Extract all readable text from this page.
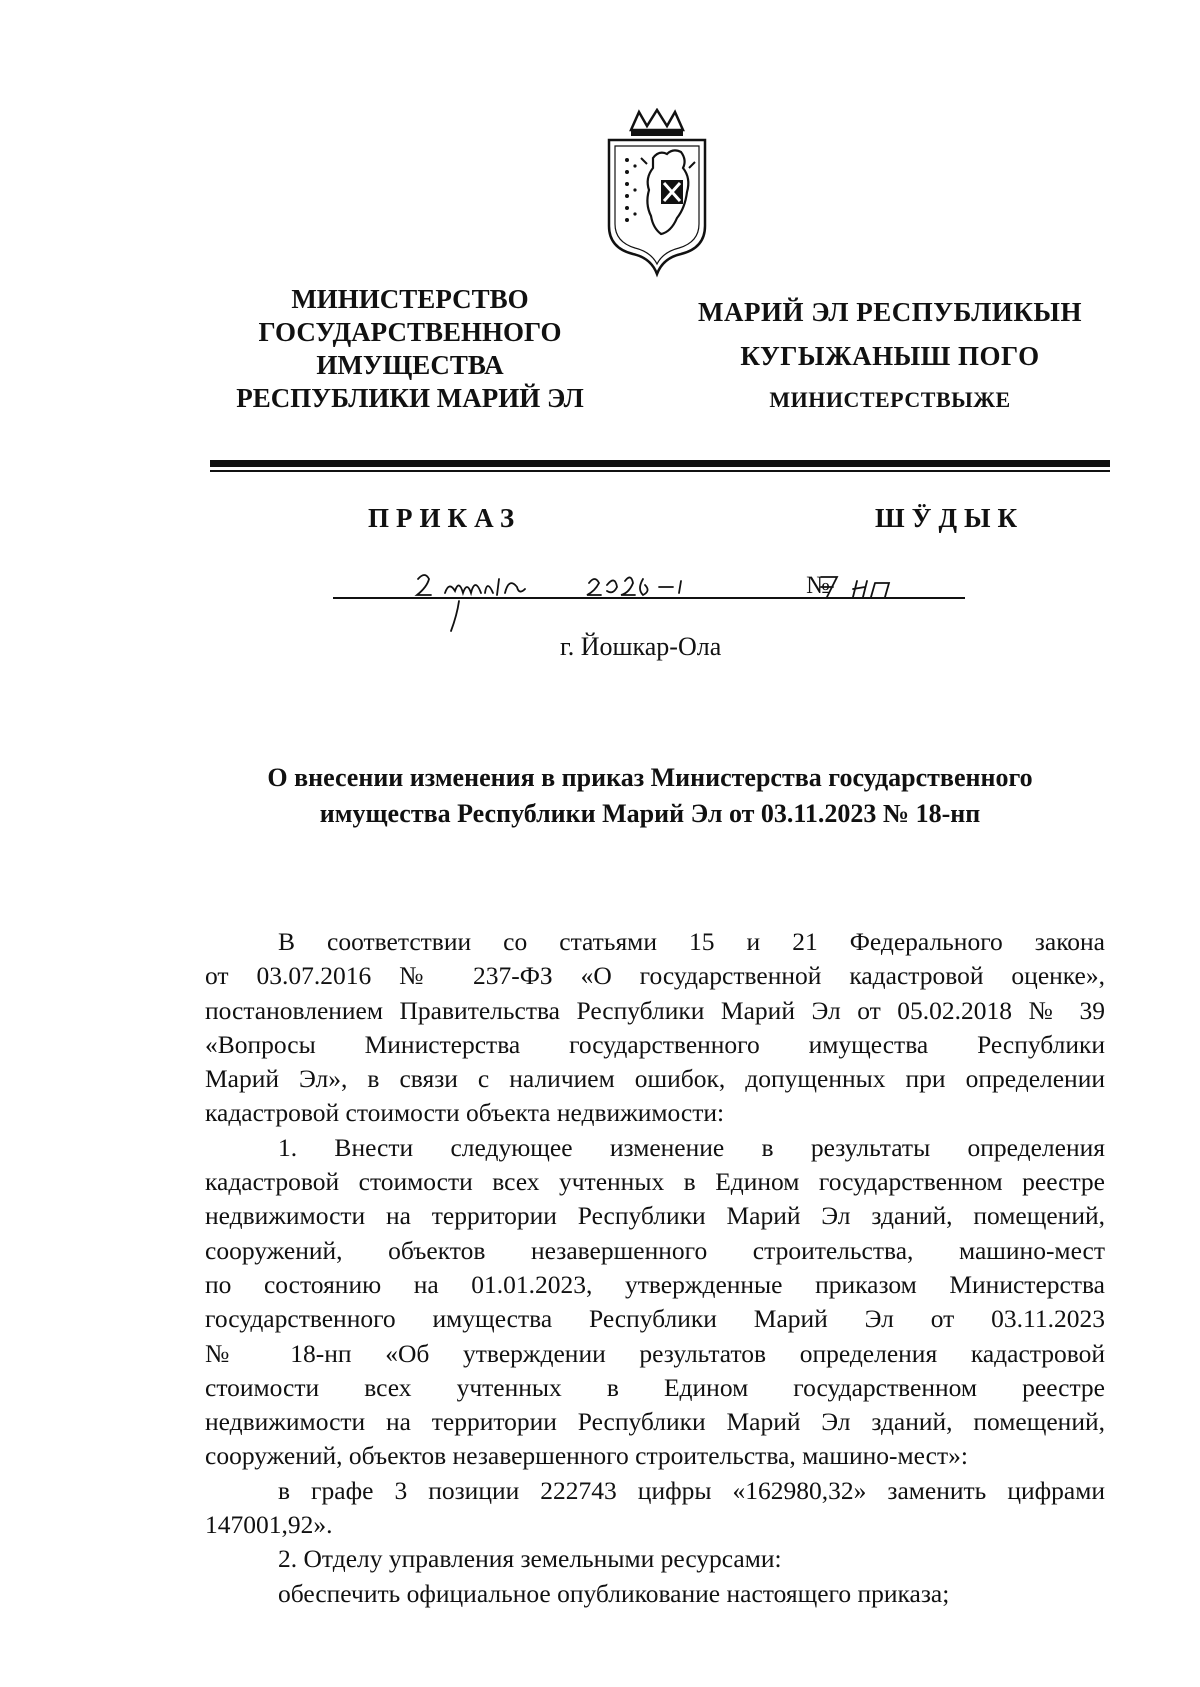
МИНИСТЕРСТВО
ГОСУДАРСТВЕННОГО
ИМУЩЕСТВА
РЕСПУБЛИКИ МАРИЙ ЭЛ
МАРИЙ ЭЛ РЕСПУБЛИКЫН
КУГЫЖАНЫШ ПОГО
МИНИСТЕРСТВЫЖЕ
ПРИКАЗ	ШӰДЫК
№
г. Йошкар-Ола
О внесении изменения в приказ Министерства государственного
имущества Республики Марий Эл от 03.11.2023 № 18-нп

В соответствии со статьями 15 и 21 Федерального закона

от 03.07.2016 № 237-ФЗ «О государственной кадастровой оценке»,

постановлением Правительства Республики Марий Эл от 05.02.2018 № 39

«Вопросы Министерства государственного имущества Республики

Марий Эл», в связи с наличием ошибок, допущенных при определении

кадастровой стоимости объекта недвижимости:

1. Внести следующее изменение в результаты определения

кадастровой стоимости всех учтенных в Едином государственном реестре

недвижимости на территории Республики Марий Эл зданий, помещений,

сооружений, объектов незавершенного строительства, машино-мест

по состоянию на 01.01.2023, утвержденные приказом Министерства

государственного имущества Республики Марий Эл от 03.11.2023

№ 18-нп «Об утверждении результатов определения кадастровой

стоимости всех учтенных в Едином государственном реестре

недвижимости на территории Республики Марий Эл зданий, помещений,

сооружений, объектов незавершенного строительства, машино-мест»:

в графе 3 позиции 222743 цифры «162980,32» заменить цифрами

147001,92».

2. Отделу управления земельными ресурсами:

обеспечить официальное опубликование настоящего приказа;
